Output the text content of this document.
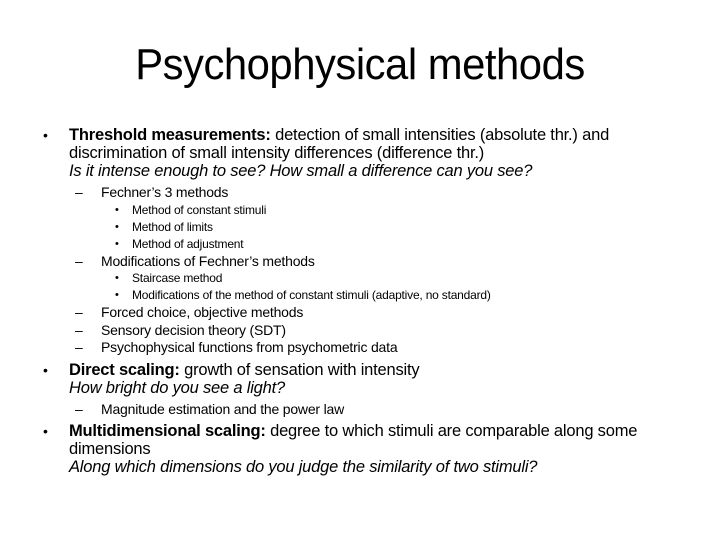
Psychophysical methods
• Threshold measurements: detection of small intensities (absolute thr.) and discrimination of small intensity differences (difference thr.)
Is it intense enough to see? How small a difference can you see?
– Fechner’s 3 methods
• Method of constant stimuli
• Method of limits
• Method of adjustment
– Modifications of Fechner’s methods
• Staircase method
• Modifications of the method of constant stimuli (adaptive, no standard)
– Forced choice, objective methods
– Sensory decision theory (SDT)
– Psychophysical functions from psychometric data
• Direct scaling: growth of sensation with intensity
How bright do you see a light?
– Magnitude estimation and the power law
• Multidimensional scaling: degree to which stimuli are comparable along some dimensions
Along which dimensions do you judge the similarity of two stimuli?
